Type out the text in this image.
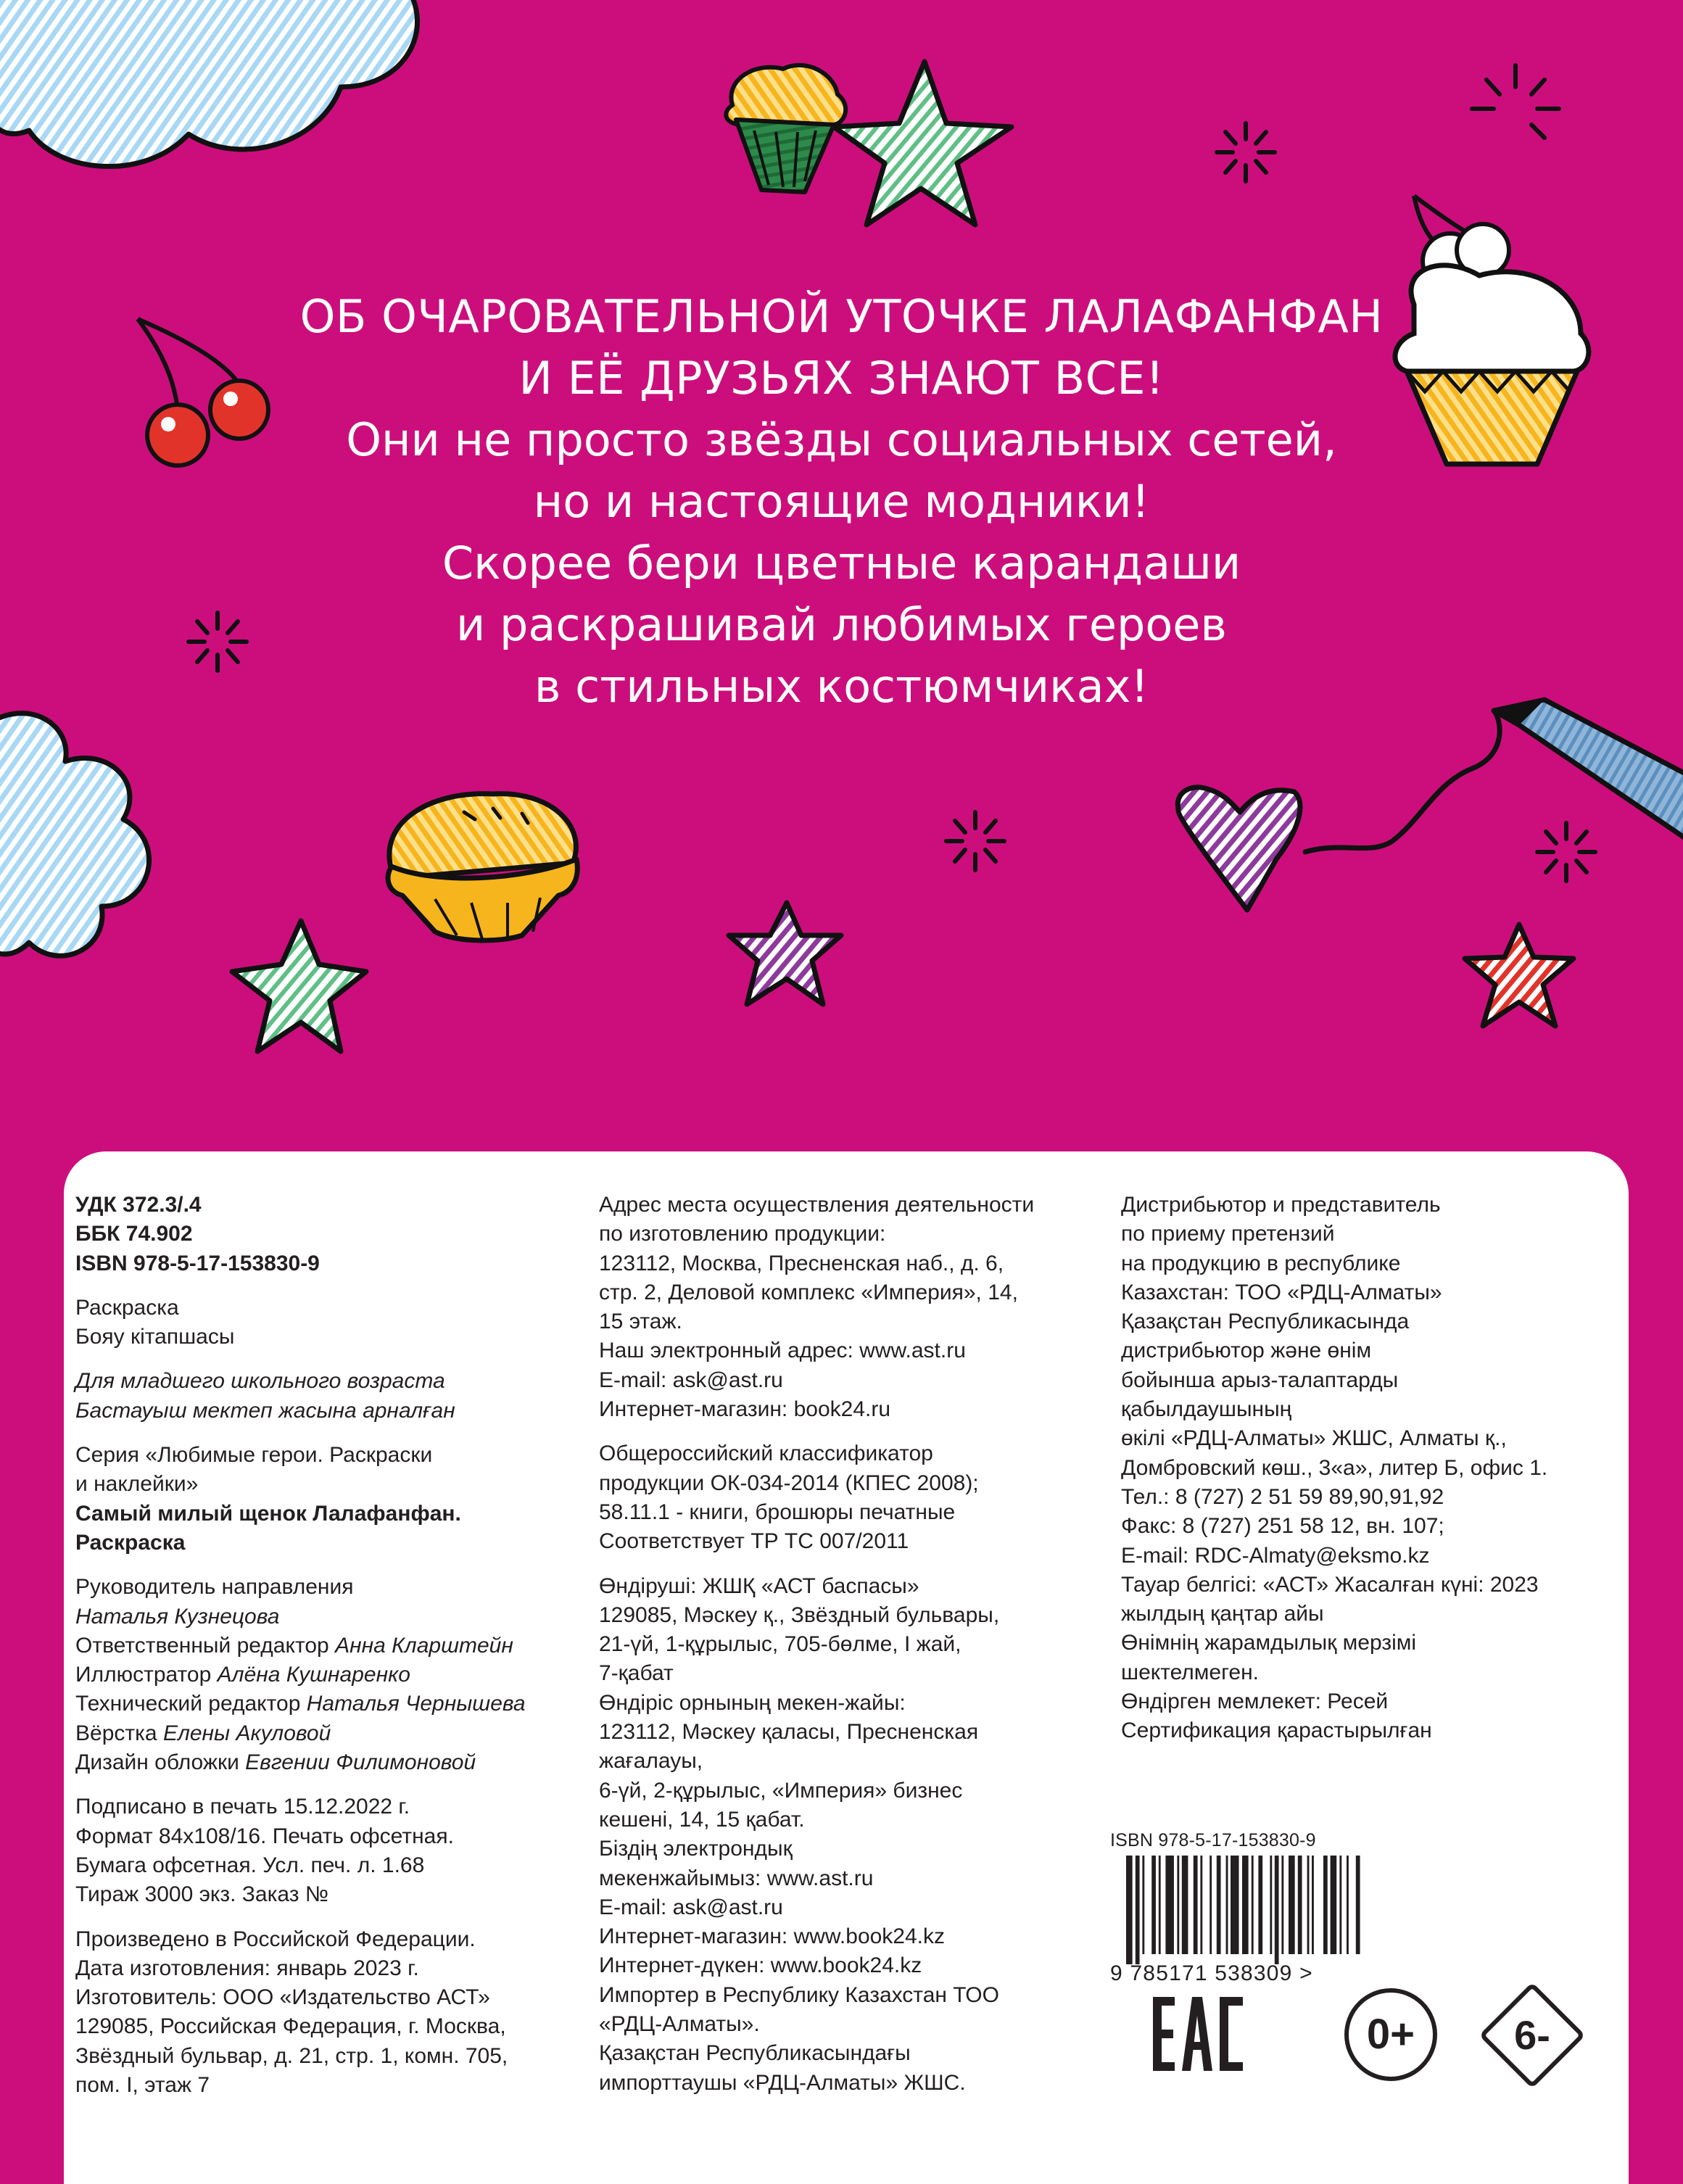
ОБ ОЧАРОВАТЕЛЬНОЙ УТОЧКЕ ЛАЛАФАНФАН
И ЕЁ ДРУЗЬЯХ ЗНАЮТ ВСЕ!
Они не просто звёзды социальных сетей,
но и настоящие модники!
Скорее бери цветные карандаши
и раскрашивай любимых героев
в стильных костюмчиках!

УДК 372.3/.4
ББК 74.902
ISBN 978-5-17-153830-9

Раскраска
Бояу кітапшасы

Для младшего школьного возраста
Бастауыш мектеп жасына арналған

Серия «Любимые герои. Раскраски
и наклейки»
Самый милый щенок Лалафанфан.
Раскраска

Руководитель направления
Наталья Кузнецова
Ответственный редактор Анна Кларштейн
Иллюстратор Алёна Кушнаренко
Технический редактор Наталья Чернышева
Вёрстка Елены Акуловой
Дизайн обложки Евгении Филимоновой

Подписано в печать 15.12.2022 г.
Формат 84х108/16. Печать офсетная.
Бумага офсетная. Усл. печ. л. 1.68
Тираж 3000 экз. Заказ №

Произведено в Российской Федерации.
Дата изготовления: январь 2023 г.
Изготовитель: ООО «Издательство АСТ»
129085, Российская Федерация, г. Москва,
Звёздный бульвар, д. 21, стр. 1, комн. 705,
пом. I, этаж 7

Адрес места осуществления деятельности
по изготовлению продукции:
123112, Москва, Пресненская наб., д. 6,
стр. 2, Деловой комплекс «Империя», 14,
15 этаж.
Наш электронный адрес: www.ast.ru
E-mail: ask@ast.ru
Интернет-магазин: book24.ru

Общероссийский классификатор
продукции ОК-034-2014 (КПЕС 2008);
58.11.1 - книги, брошюры печатные
Соответствует ТР ТС 007/2011

Өндіруші: ЖШҚ «АСТ баспасы»
129085, Мәскеу қ., Звёздный бульвары,
21-үй, 1-құрылыс, 705-бөлме, I жай,
7-қабат
Өндіріс орнының мекен-жайы:
123112, Мәскеу қаласы, Пресненская
жағалауы,
6-үй, 2-құрылыс, «Империя» бизнес
кешені, 14, 15 қабат.
Біздің электрондық
мекенжайымыз: www.ast.ru
E-mail: ask@ast.ru
Интернет-магазин: www.book24.kz
Интернет-дүкен: www.book24.kz
Импортер в Республику Казахстан ТОО
«РДЦ-Алматы».
Қазақстан Республикасындағы
импорттаушы «РДЦ-Алматы» ЖШС.

Дистрибьютор и представитель
по приему претензий
на продукцию в республике
Казахстан: ТОО «РДЦ-Алматы»
Қазақстан Республикасында
дистрибьютор және өнім
бойынша арыз-талаптарды
қабылдаушының
өкілі «РДЦ-Алматы» ЖШС, Алматы қ.,
Домбровский көш., 3«а», литер Б, офис 1.
Тел.: 8 (727) 2 51 59 89,90,91,92
Факс: 8 (727) 251 58 12, вн. 107;
E-mail: RDC-Almaty@eksmo.kz
Тауар белгісі: «АСТ» Жасалған күні: 2023
жылдың қаңтар айы
Өнімнің жарамдылық мерзімі
шектелмеген.
Өндірген мемлекет: Ресей
Сертификация қарастырылған

ISBN 978-5-17-153830-9
9 785171 538309 >
0+	6-
